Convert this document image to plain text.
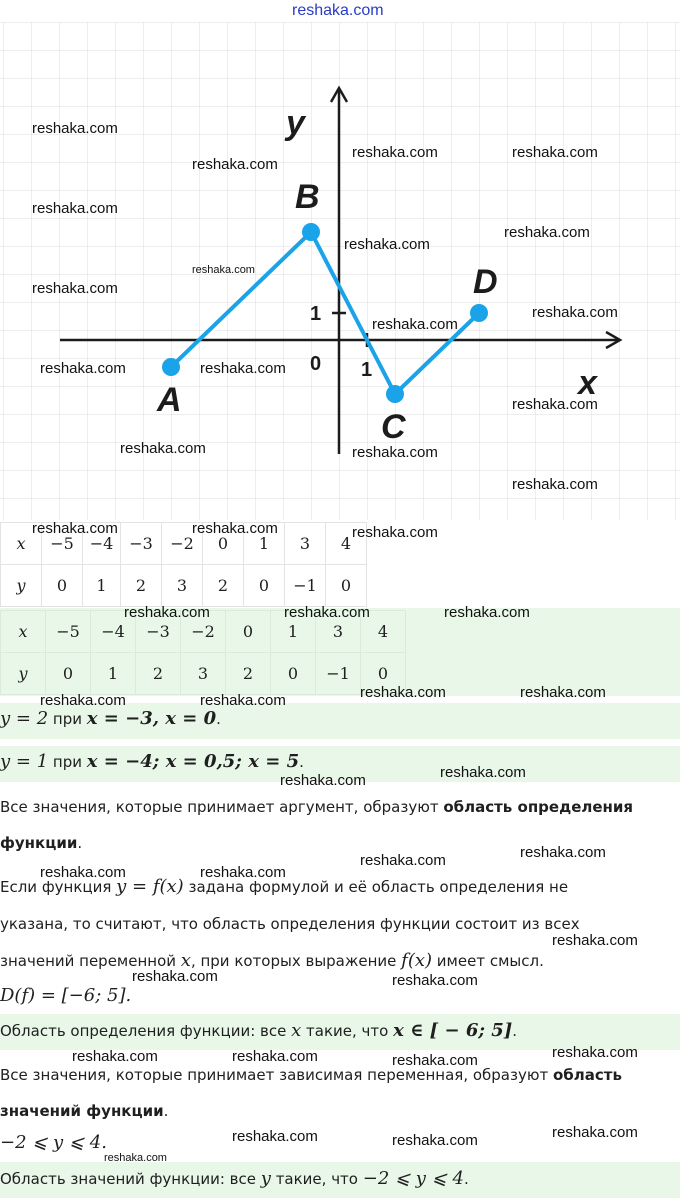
reshaka.com
A
B
C
D
x
y
0 1
1
x	−5	−4	−3	−2	0	1	3	4
y	0	1	2	3	2	0	−1	0
x	−5	−4	−3	−2	0	1	3	4
y	0	1	2	3	2	0	−1	0
y = 2 при x = −3, x = 0.
y = 1 при x = −4; x = 0,5; x = 5.
Все значения, которые принимает аргумент, образуют область определения
функции.
Если функция y = f(x) задана формулой и её область определения не
указана, то считают, что область определения функции состоит из всех
значений переменной x, при которых выражение f(x) имеет смысл.
D(f) = [−6; 5].
Область определения функции: все x такие, что x ∈ [ − 6; 5].
Все значения, которые принимает зависимая переменная, образуют область
значений функции.
−2 ⩽ y ⩽ 4.
Область значений функции: все y такие, что −2 ⩽ y ⩽ 4.
reshaka.com
reshaka.com	reshaka.com
reshaka.com
reshaka.com
reshaka.com
reshaka.com
reshaka.com
reshaka.com
reshaka.com
reshaka.com
reshaka.com	reshaka.com
reshaka.com
reshaka.com	reshaka.com
reshaka.com
reshaka.com	reshaka.com	reshaka.com
reshaka.com	reshaka.com	reshaka.com
reshaka.com	reshaka.com	reshaka.com	reshaka.com
reshaka.com	reshaka.com
reshaka.com
reshaka.com
reshaka.com	reshaka.com
reshaka.com
reshaka.com	reshaka.com
reshaka.com
reshaka.com	reshaka.com	reshaka.com
reshaka.com	reshaka.com	reshaka.com
reshaka.com
